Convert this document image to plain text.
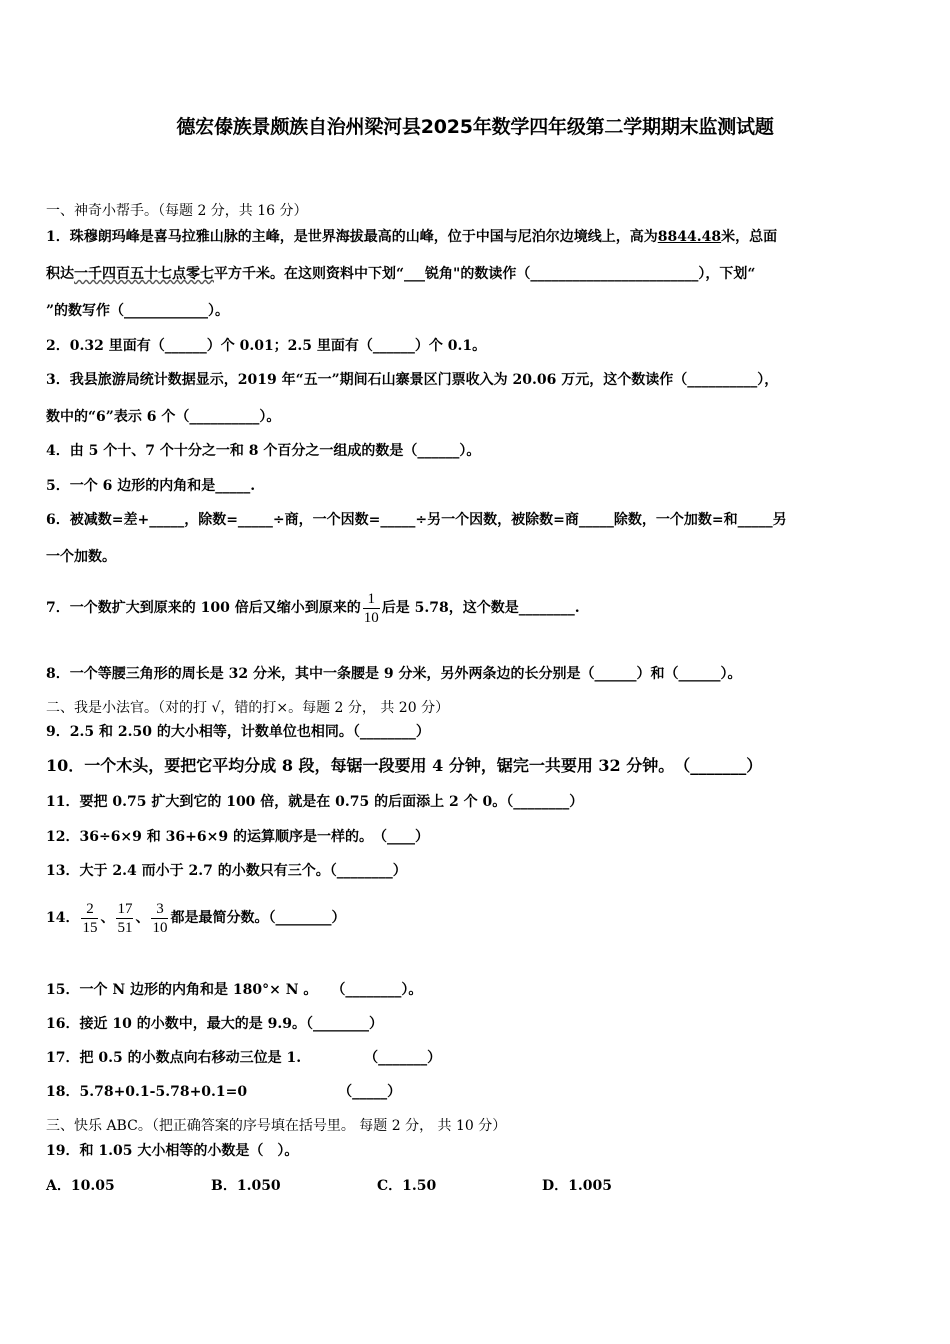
德宏傣族景颇族自治州梁河县2025年数学四年级第二学期期末监测试题
一、神奇小帮手。（每题 2 分，共 16 分）
1．珠穆朗玛峰是喜马拉雅山脉的主峰，是世界海拔最高的山峰，位于中国与尼泊尔边境线上，高为8844.48米，总面
积达一千四百五十七点零七平方千米。在这则资料中下划“___锐角"的数读作（________________________），下划“
”的数写作（____________）。
2．0.32 里面有（______）个 0.01；2.5 里面有（______）个 0.1。
3．我县旅游局统计数据显示，2019 年“五一”期间石山寨景区门票收入为 20.06 万元，这个数读作（__________），
数中的“6”表示 6 个（__________）。
4．由 5 个十、7 个十分之一和 8 个百分之一组成的数是（______）。
5．一个 6 边形的内角和是_____.
6．被减数=差+_____，除数=_____÷商，一个因数=_____÷另一个因数，被除数=商_____除数，一个加数=和_____另
一个加数。
7．一个数扩大到原来的 100 倍后又缩小到原来的 $\frac{1}{10}$ 后是 5.78，这个数是________.
8．一个等腰三角形的周长是 32 分米，其中一条腰是 9 分米，另外两条边的长分别是（______）和（______）。
二、我是小法官。（对的打 √，错的打×。每题 2 分， 共 20 分）
9．2.5 和 2.50 的大小相等，计数单位也相同。（________）
10．一个木头，要把它平均分成 8 段，每锯一段要用 4 分钟，锯完一共要用 32 分钟。　（_______）
11．要把 0.75 扩大到它的 100 倍，就是在 0.75 的后面添上 2 个 0。（________）
12．36÷6×9 和 36+6×9 的运算顺序是一样的。　（____）
13．大于 2.4 而小于 2.7 的小数只有三个。（________）
14． $\frac{2}{15}$ 、 $\frac{17}{51}$ 、 $\frac{3}{10}$ 都是最简分数。（________）
15．一个 N 边形的内角和是 180°× N 。　　（________）。
16．接近 10 的小数中，最大的是 9.9。（________）
17．把 0.5 的小数点向右移动三位是 1.　　　　　（_______）
18．5.78+0.1-5.78+0.1=0　　　　　　　（_____）
三、快乐 ABC。（把正确答案的序号填在括号里。 每题 2 分， 共 10 分）
19．和 1.05 大小相等的小数是（　）。
A．10.05	B．1.050	C．1.50	D．1.005
